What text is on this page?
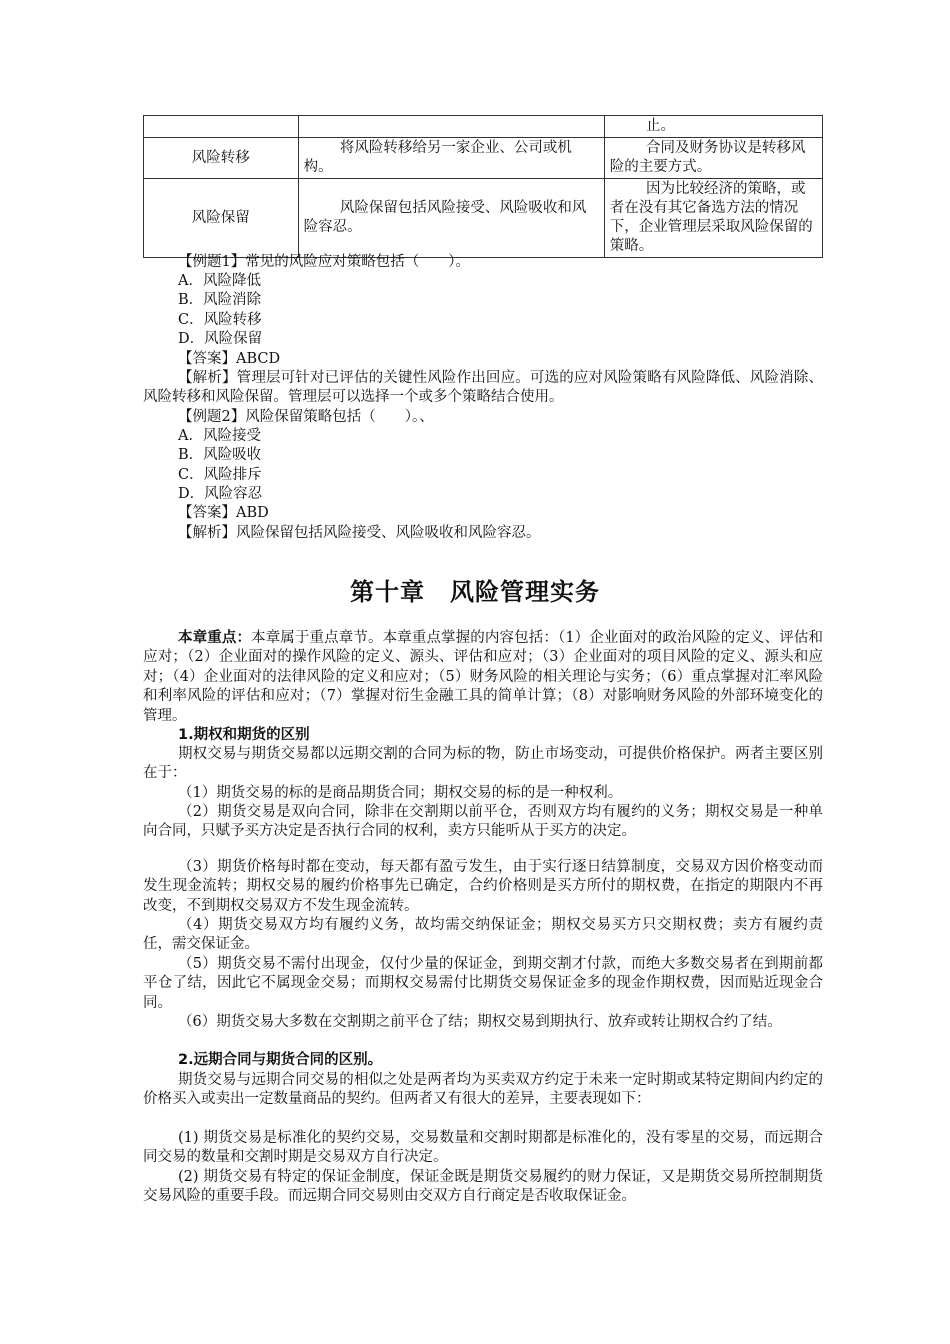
		止。

风险转移	将风险转移给另一家企业、公司或机构。	合同及财务协议是转移风险的主要方式。

风险保留	风险保留包括风险接受、风险吸收和风险容忍。	因为比较经济的策略，或者在没有其它备选方法的情况下，企业管理层采取风险保留的策略。
【例题1】常见的风险应对策略包括（　　）。
A．风险降低
B．风险消除
C．风险转移
D．风险保留
【答案】ABCD
【解析】管理层可针对已评估的关键性风险作出回应。可选的应对风险策略有风险降低、风险消除、风险转移和风险保留。管理层可以选择一个或多个策略结合使用。
【例题2】风险保留策略包括（　　）。、
A．风险接受
B．风险吸收
C．风险排斥
D．风险容忍
【答案】ABD
【解析】风险保留包括风险接受、风险吸收和风险容忍。
第十章　风险管理实务
本章重点：本章属于重点章节。本章重点掌握的内容包括：（1）企业面对的政治风险的定义、评估和应对；（2）企业面对的操作风险的定义、源头、评估和应对；（3）企业面对的项目风险的定义、源头和应对；（4）企业面对的法律风险的定义和应对；（5）财务风险的相关理论与实务；（6）重点掌握对汇率风险和利率风险的评估和应对；（7）掌握对衍生金融工具的简单计算；（8）对影响财务风险的外部环境变化的管理。
1.期权和期货的区别
期权交易与期货交易都以远期交割的合同为标的物，防止市场变动，可提供价格保护。两者主要区别在于：
（1）期货交易的标的是商品期货合同；期权交易的标的是一种权利。
（2）期货交易是双向合同，除非在交割期以前平仓，否则双方均有履约的义务；期权交易是一种单向合同，只赋予买方决定是否执行合同的权利，卖方只能听从于买方的决定。
（3）期货价格每时都在变动，每天都有盈亏发生，由于实行逐日结算制度，交易双方因价格变动而发生现金流转；期权交易的履约价格事先已确定，合约价格则是买方所付的期权费，在指定的期限内不再改变，不到期权交易双方不发生现金流转。
（4）期货交易双方均有履约义务，故均需交纳保证金；期权交易买方只交期权费；卖方有履约责任，需交保证金。
（5）期货交易不需付出现金，仅付少量的保证金，到期交割才付款，而绝大多数交易者在到期前都平仓了结，因此它不属现金交易；而期权交易需付比期货交易保证金多的现金作期权费，因而贴近现金合同。
（6）期货交易大多数在交割期之前平仓了结；期权交易到期执行、放弃或转让期权合约了结。
2.远期合同与期货合同的区别。
期货交易与远期合同交易的相似之处是两者均为买卖双方约定于未来一定时期或某特定期间内约定的价格买入或卖出一定数量商品的契约。但两者又有很大的差异，主要表现如下：
(1) 期货交易是标准化的契约交易，交易数量和交割时期都是标准化的，没有零星的交易，而远期合同交易的数量和交割时期是交易双方自行决定。
(2) 期货交易有特定的保证金制度，保证金既是期货交易履约的财力保证，又是期货交易所控制期货交易风险的重要手段。而远期合同交易则由交双方自行商定是否收取保证金。
